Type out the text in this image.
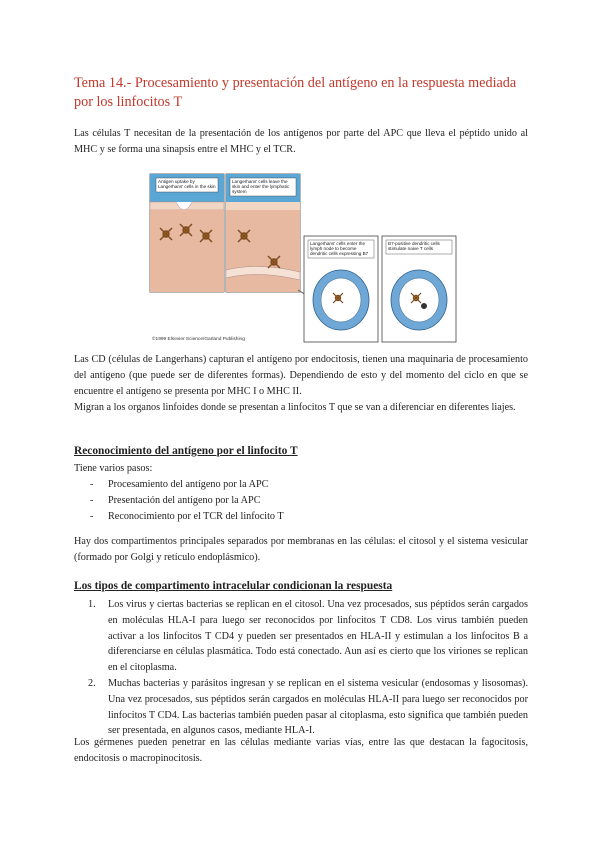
Tema 14.- Procesamiento y presentación del antígeno en la respuesta mediada por los linfocitos T
Las células T necesitan de la presentación de los antígenos por parte del APC que lleva el péptido unido al MHC y se forma una sinapsis entre el MHC y el TCR.
Antigen uptake by Langerhans' cells in the skin
Langerhans' cells leave the skin and enter the lymphatic system
Langerhans' cells enter the lymph node to become dendritic cells expressing B7
B7-positive dendritic cells stimulate naive T cells
©1999 Elsevier Science/Garland Publishing
Las CD (células de Langerhans) capturan el antígeno por endocitosis, tienen una maquinaria de procesamiento del antígeno (que puede ser de diferentes formas). Dependiendo de esto y del momento del ciclo en que se encuentre el antígeno se presenta por MHC I o MHC II.
Migran a los organos linfoides donde se presentan a linfocitos T que se van a diferenciar en diferentes liajes.
Reconocimiento del antígeno por el linfocito T
Tiene varios pasos:
- Procesamiento del antígeno por la APC
- Presentación del antígeno por la APC
- Reconocimiento por el TCR del linfocito T
Hay dos compartimentos principales separados por membranas en las células: el citosol y el sistema vesicular (formado por Golgi y retículo endoplásmico).
Los tipos de compartimento intracelular condicionan la respuesta
1. Los virus y ciertas bacterias se replican en el citosol. Una vez procesados, sus péptidos serán cargados en moléculas HLA-I para luego ser reconocidos por linfocitos T CD8. Los virus también pueden activar a los linfocitos T CD4 y pueden ser presentados en HLA-II y estimulan a los linfocitos B a diferenciarse en células plasmática. Todo está conectado. Aun así es cierto que los viriones se replican en el citoplasma.
2. Muchas bacterias y parásitos ingresan y se replican en el sistema vesicular (endosomas y lisosomas). Una vez procesados, sus péptidos serán cargados en moléculas HLA-II para luego ser reconocidos por linfocitos T CD4. Las bacterias también pueden pasar al citoplasma, esto significa que también pueden ser presentada, en algunos casos, mediante HLA-I.
Los gérmenes pueden penetrar en las células mediante varias vías, entre las que destacan la fagocitosis, endocitosis o macropinocitosis.
